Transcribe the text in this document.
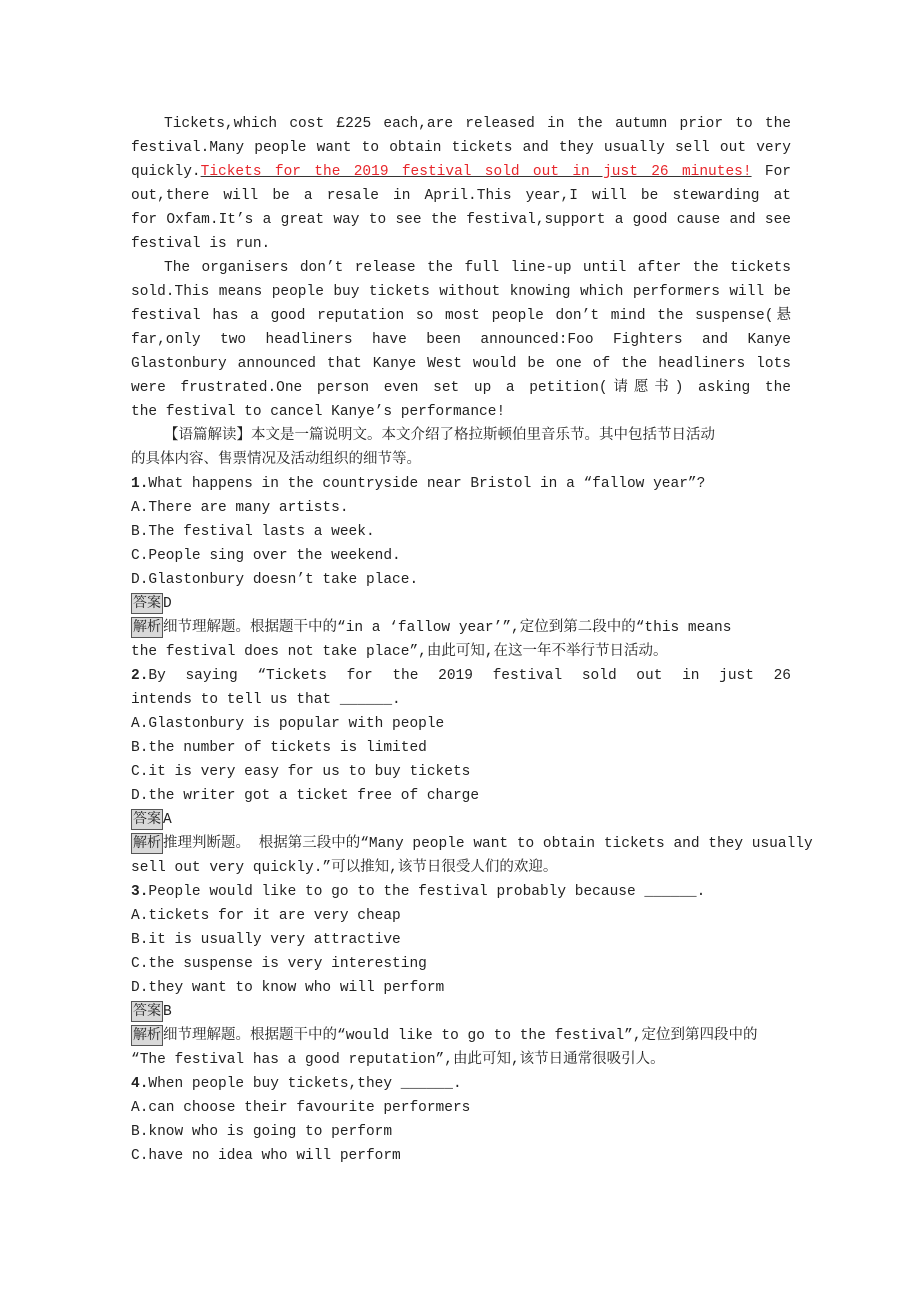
Tickets,which cost £225 each,are released in the autumn prior to the
festival.Many people want to obtain tickets and they usually sell out very
quickly.Tickets for the 2019 festival sold out in just 26 minutes! For
out,there will be a resale in April.This year,I will be stewarding at
for Oxfam.It’s a great way to see the festival,support a good cause and see
festival is run.
The organisers don’t release the full line-up until after the tickets
sold.This means people buy tickets without knowing which performers will be
festival has a good reputation so most people don’t mind the suspense(悬
far,only two headliners have been announced:Foo Fighters and Kanye
Glastonbury announced that Kanye West would be one of the headliners lots
were frustrated.One person even set up a petition(请愿书) asking the
the festival to cancel Kanye’s performance!
【语篇解读】本文是一篇说明文。本文介绍了格拉斯顿伯里音乐节。其中包括节日活动
的具体内容、售票情况及活动组织的细节等。
1.What happens in the countryside near Bristol in a “fallow year”?
A.There are many artists.
B.The festival lasts a week.
C.People sing over the weekend.
D.Glastonbury doesn’t take place.
答案 D
解析 细节理解题。根据题干中的“in a ‘fallow year’”,定位到第二段中的“this means
the festival does not take place”,由此可知,在这一年不举行节日活动。
2.By saying “Tickets for the 2019 festival sold out in just 26
intends to tell us that ______.
A.Glastonbury is popular with people
B.the number of tickets is limited
C.it is very easy for us to buy tickets
D.the writer got a ticket free of charge
答案 A
解析 推理判断题。 根据第三段中的“Many people want to obtain tickets and they usually
sell out very quickly.”可以推知,该节日很受人们的欢迎。
3.People would like to go to the festival probably because ______.
A.tickets for it are very cheap
B.it is usually very attractive
C.the suspense is very interesting
D.they want to know who will perform
答案 B
解析 细节理解题。根据题干中的“would like to go to the festival”,定位到第四段中的
“The festival has a good reputation”,由此可知,该节日通常很吸引人。
4.When people buy tickets,they ______.
A.can choose their favourite performers
B.know who is going to perform
C.have no idea who will perform
